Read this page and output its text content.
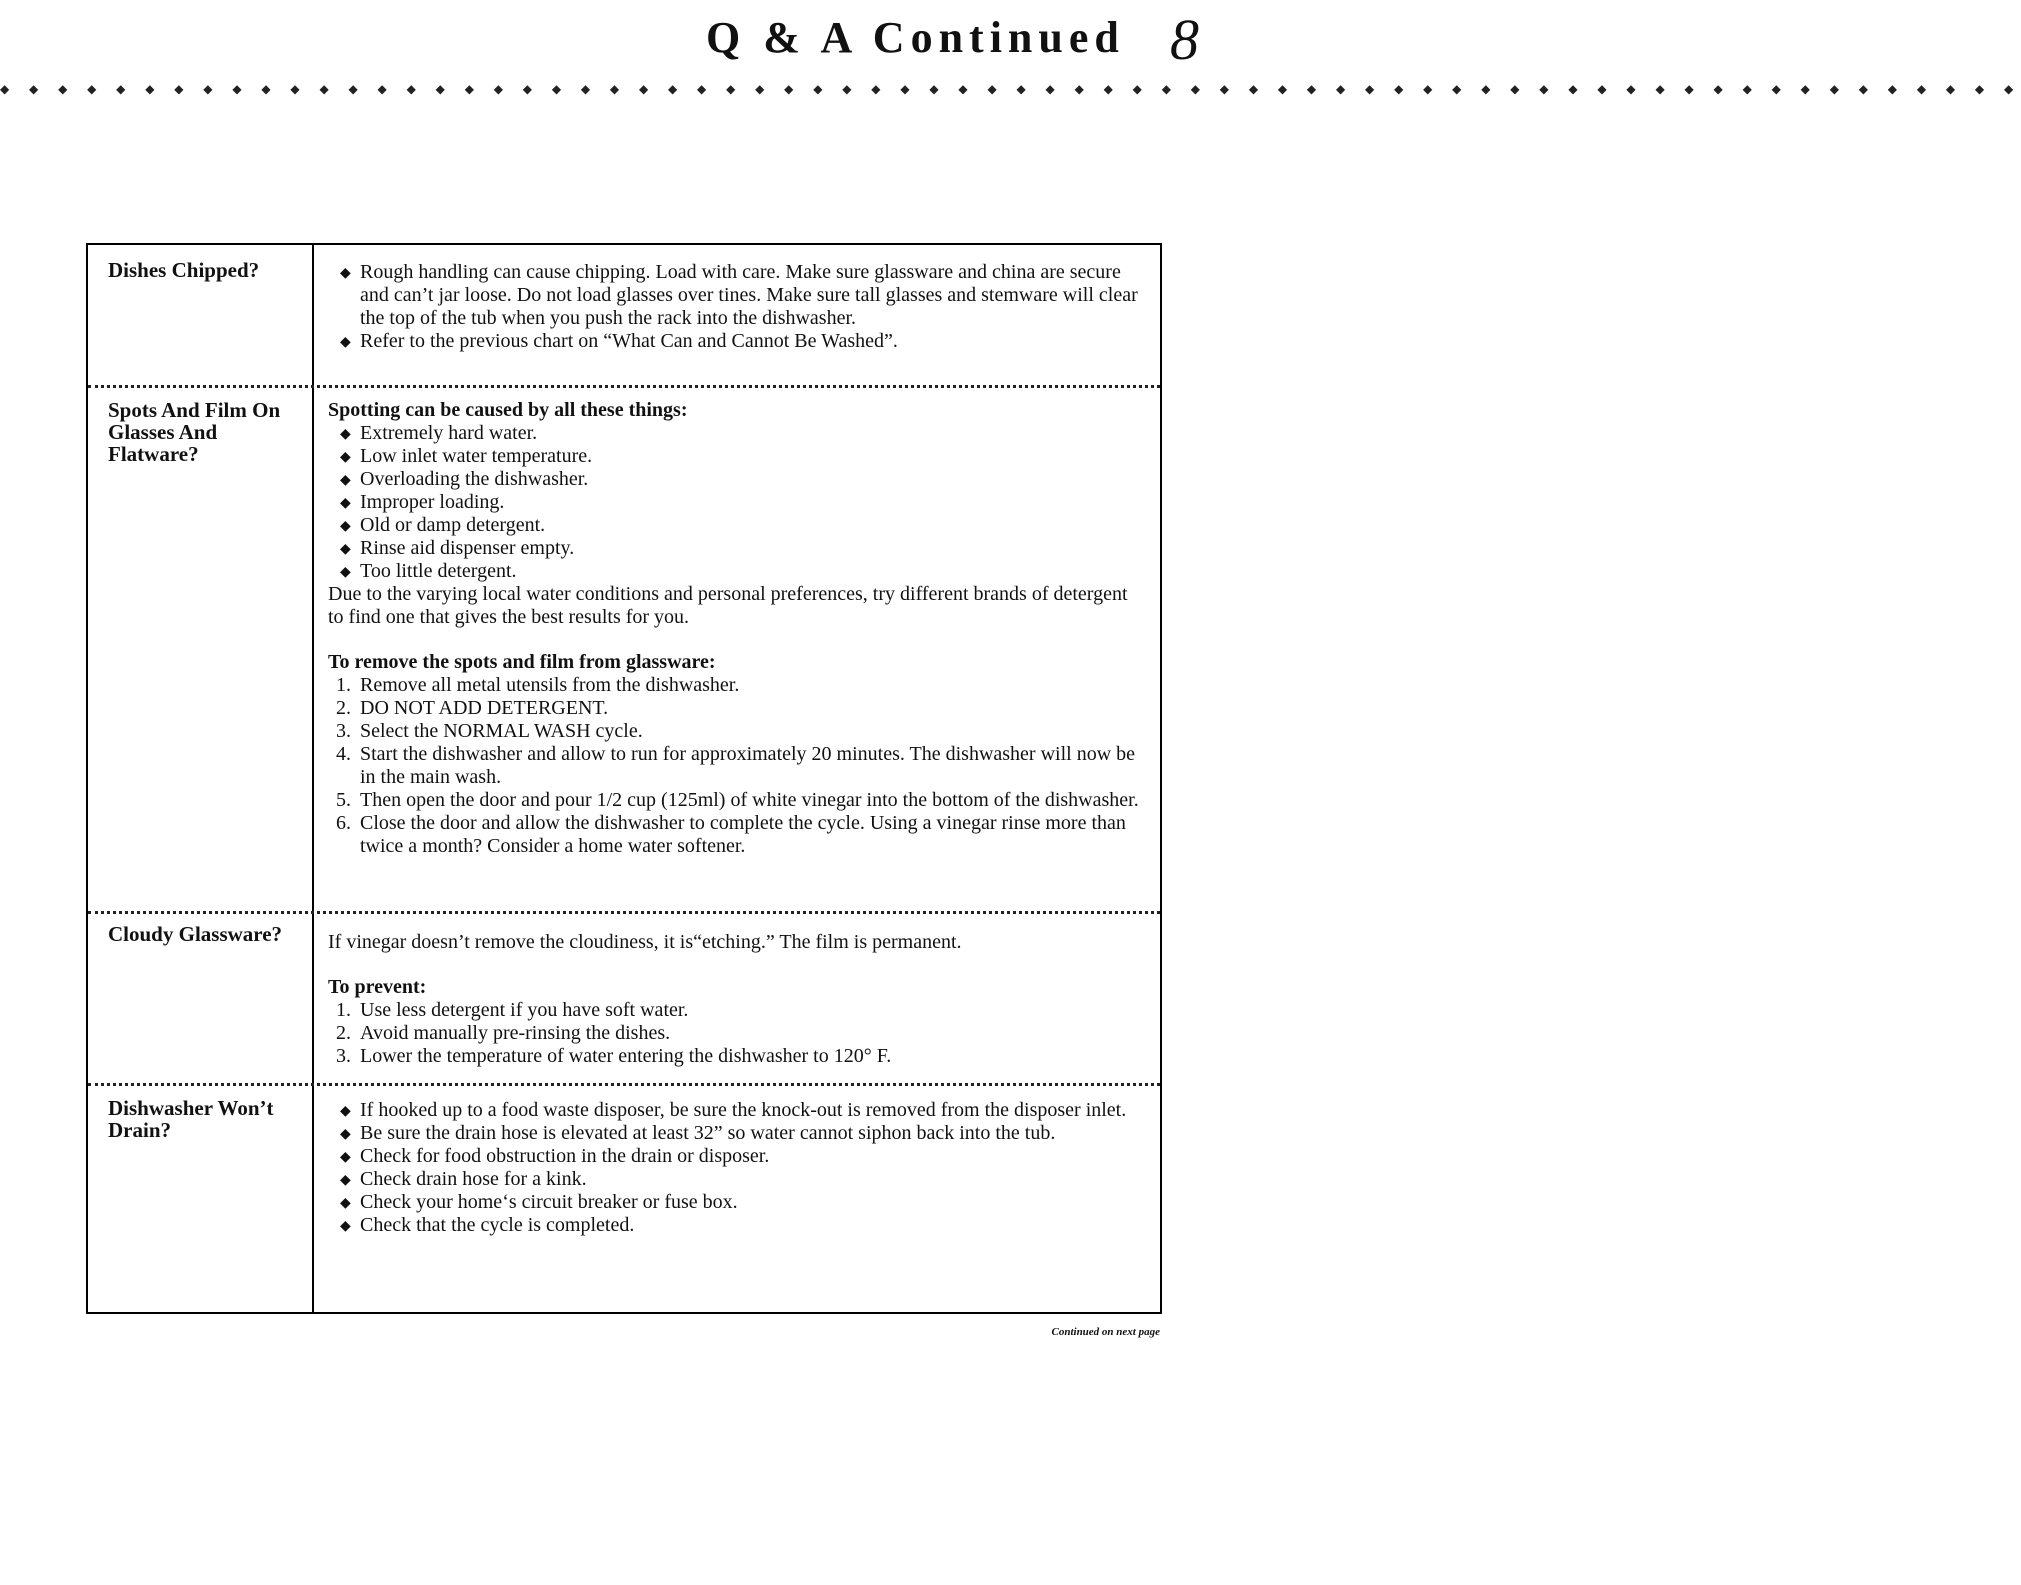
Q & A Continued 8
◆ ◆ ◆ ◆ ◆ ◆ ◆ ◆ ◆ ◆ ◆ ◆ ◆ ◆ ◆ ◆ ◆ ◆ ◆ ◆ ◆ ◆ ◆ ◆ ◆ ◆ ◆ ◆ ◆ ◆ ◆ ◆ ◆ ◆ ◆ ◆ ◆ ◆ ◆ ◆ ◆ ◆ ◆ ◆ ◆ ◆ ◆ ◆ ◆ ◆ ◆ ◆ ◆ ◆ ◆ ◆ ◆ ◆ ◆ ◆ ◆ ◆ ◆ ◆ ◆ ◆ ◆ ◆ ◆ ◆
Dishes Chipped?	◆ Rough handling can cause chipping. Load with care. Make sure glassware and china are secure and can’t jar loose. Do not load glasses over tines. Make sure tall glasses and stemware will clear the top of the tub when you push the rack into the dishwasher.

◆ Refer to the previous chart on “What Can and Cannot Be Washed”.

Spots And Film On Glasses And Flatware?

Spotting can be caused by all these things:

◆ Extremely hard water.

◆ Low inlet water temperature.

◆ Overloading the dishwasher.

◆ Improper loading.

◆ Old or damp detergent.

◆ Rinse aid dispenser empty.

◆ Too little detergent.

Due to the varying local water conditions and personal preferences, try different brands of detergent to find one that gives the best results for you.

To remove the spots and film from glassware:

1. Remove all metal utensils from the dishwasher.

2. DO NOT ADD DETERGENT.

3. Select the NORMAL WASH cycle.

4. Start the dishwasher and allow to run for approximately 20 minutes. The dishwasher will now be in the main wash.

5. Then open the door and pour 1/2 cup (125ml) of white vinegar into the bottom of the dishwasher.

6. Close the door and allow the dishwasher to complete the cycle. Using a vinegar rinse more than twice a month? Consider a home water softener.

Cloudy Glassware?	If vinegar doesn’t remove the cloudiness, it is“etching.” The film is permanent.

To prevent:

1. Use less detergent if you have soft water.

2. Avoid manually pre-rinsing the dishes.

3. Lower the temperature of water entering the dishwasher to 120° F.

Dishwasher Won’t Drain?

◆ If hooked up to a food waste disposer, be sure the knock-out is removed from the disposer inlet.

◆ Be sure the drain hose is elevated at least 32” so water cannot siphon back into the tub.

◆ Check for food obstruction in the drain or disposer.

◆ Check drain hose for a kink.

◆ Check your home‘s circuit breaker or fuse box.

◆ Check that the cycle is completed.

Continued on next page
